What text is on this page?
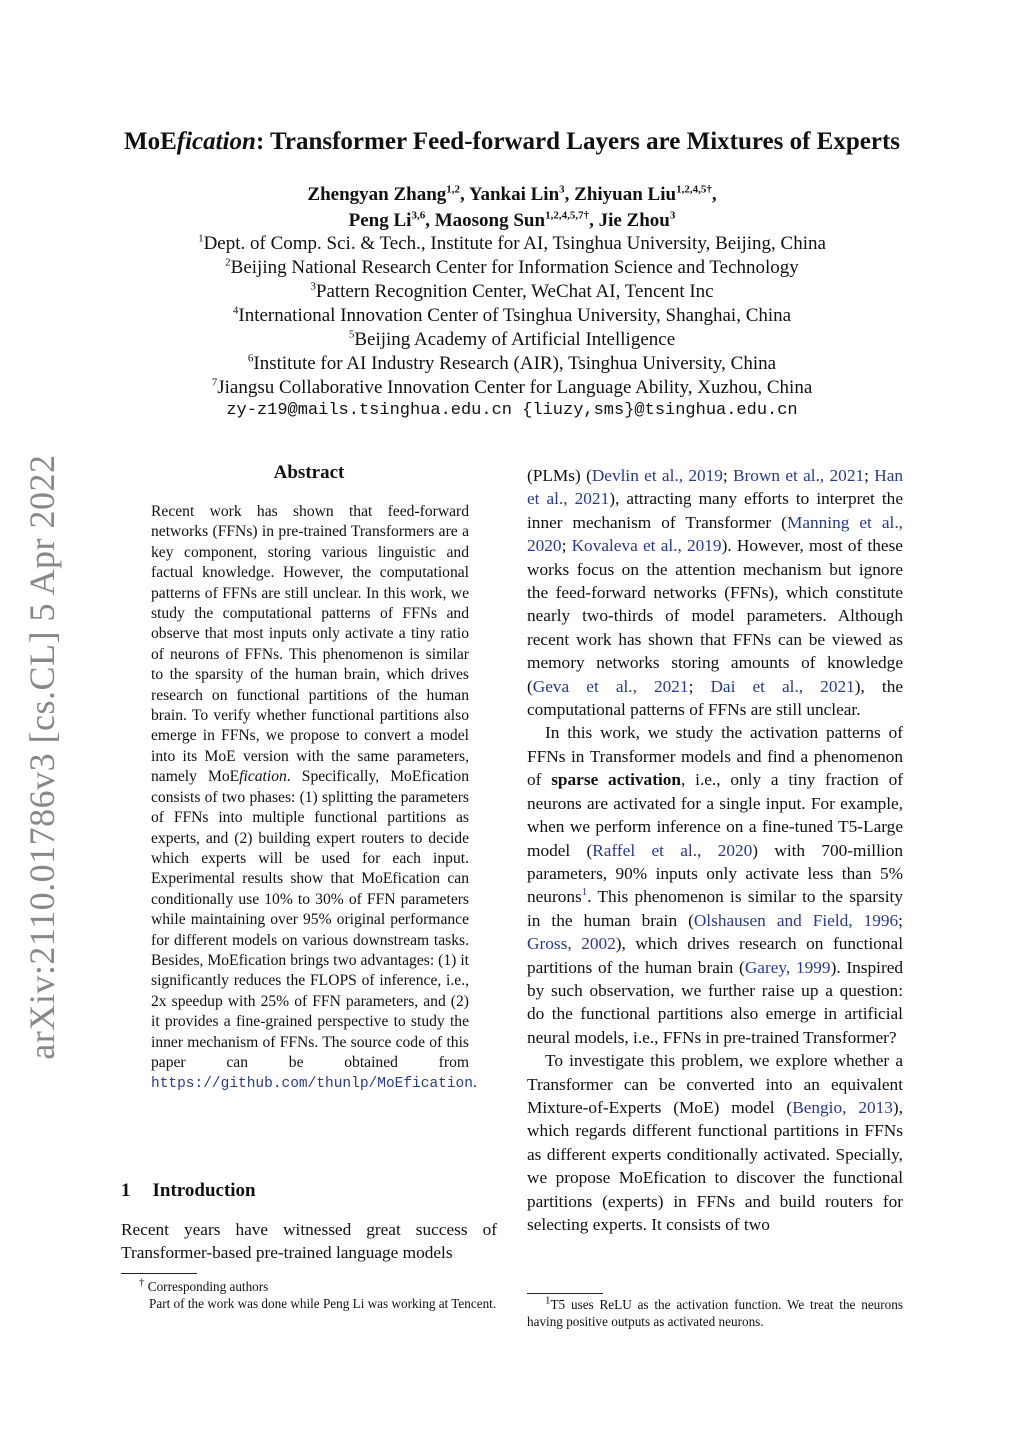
MoEfication: Transformer Feed-forward Layers are Mixtures of Experts
Zhengyan Zhang$^{1,2}$, Yankai Lin$^3$, Zhiyuan Liu$^{1,2,4,5\dagger}$,
Peng Li$^{3,6}$, Maosong Sun$^{1,2,4,5,7\dagger}$, Jie Zhou$^3$
$^1$Dept. of Comp. Sci. & Tech., Institute for AI, Tsinghua University, Beijing, China
$^2$Beijing National Research Center for Information Science and Technology
$^3$Pattern Recognition Center, WeChat AI, Tencent Inc
$^4$International Innovation Center of Tsinghua University, Shanghai, China
$^5$Beijing Academy of Artificial Intelligence
$^6$Institute for AI Industry Research (AIR), Tsinghua University, China
$^7$Jiangsu Collaborative Innovation Center for Language Ability, Xuzhou, China
zy-z19@mails.tsinghua.edu.cn {liuzy,sms}@tsinghua.edu.cn
arXiv:2110.01786v3 [cs.CL] 5 Apr 2022	Abstract
Recent work has shown that feed-forward networks (FFNs) in pre-trained Transformers are a key component, storing various linguistic and factual knowledge. However, the computational patterns of FFNs are still unclear. In this work, we study the computational patterns of FFNs and observe that most inputs only activate a tiny ratio of neurons of FFNs. This phenomenon is similar to the sparsity of the human brain, which drives research on functional partitions of the human brain. To verify whether functional partitions also emerge in FFNs, we propose to convert a model into its MoE version with the same parameters, namely MoEfication. Specifically, MoEfication consists of two phases: (1) splitting the parameters of FFNs into multiple functional partitions as experts, and (2) building expert routers to decide which experts will be used for each input. Experimental results show that MoEfication can conditionally use 10% to 30% of FFN parameters while maintaining over 95% original performance for different models on various downstream tasks. Besides, MoEfication brings two advantages: (1) it significantly reduces the FLOPS of inference, i.e., 2x speedup with 25% of FFN parameters, and (2) it provides a fine-grained perspective to study the inner mechanism of FFNs. The source code of this paper can be obtained from https://github.com/thunlp/MoEfication.
1 Introduction
Recent years have witnessed great success of Transformer-based pre-trained language models

† Corresponding authors

Part of the work was done while Peng Li was working at Tencent.

(PLMs) (Devlin et al., 2019; Brown et al., 2021; Han et al., 2021), attracting many efforts to interpret the inner mechanism of Transformer (Manning et al., 2020; Kovaleva et al., 2019). However, most of these works focus on the attention mechanism but ignore the feed-forward networks (FFNs), which constitute nearly two-thirds of model parameters. Although recent work has shown that FFNs can be viewed as memory networks storing amounts of knowledge (Geva et al., 2021; Dai et al., 2021), the computational patterns of FFNs are still unclear.

In this work, we study the activation patterns of FFNs in Transformer models and find a phenomenon of sparse activation, i.e., only a tiny fraction of neurons are activated for a single input. For example, when we perform inference on a fine-tuned T5-Large model (Raffel et al., 2020) with 700-million parameters, 90% inputs only activate less than 5% neurons$^1$. This phenomenon is similar to the sparsity in the human brain (Olshausen and Field, 1996; Gross, 2002), which drives research on functional partitions of the human brain (Garey, 1999). Inspired by such observation, we further raise up a question: do the functional partitions also emerge in artificial neural models, i.e., FFNs in pre-trained Transformer?

To investigate this problem, we explore whether a Transformer can be converted into an equivalent Mixture-of-Experts (MoE) model (Bengio, 2013), which regards different functional partitions in FFNs as different experts conditionally activated. Specially, we propose MoEfication to discover the functional partitions (experts) in FFNs and build routers for selecting experts. It consists of two

$^1$T5 uses ReLU as the activation function. We treat the neurons having positive outputs as activated neurons.
